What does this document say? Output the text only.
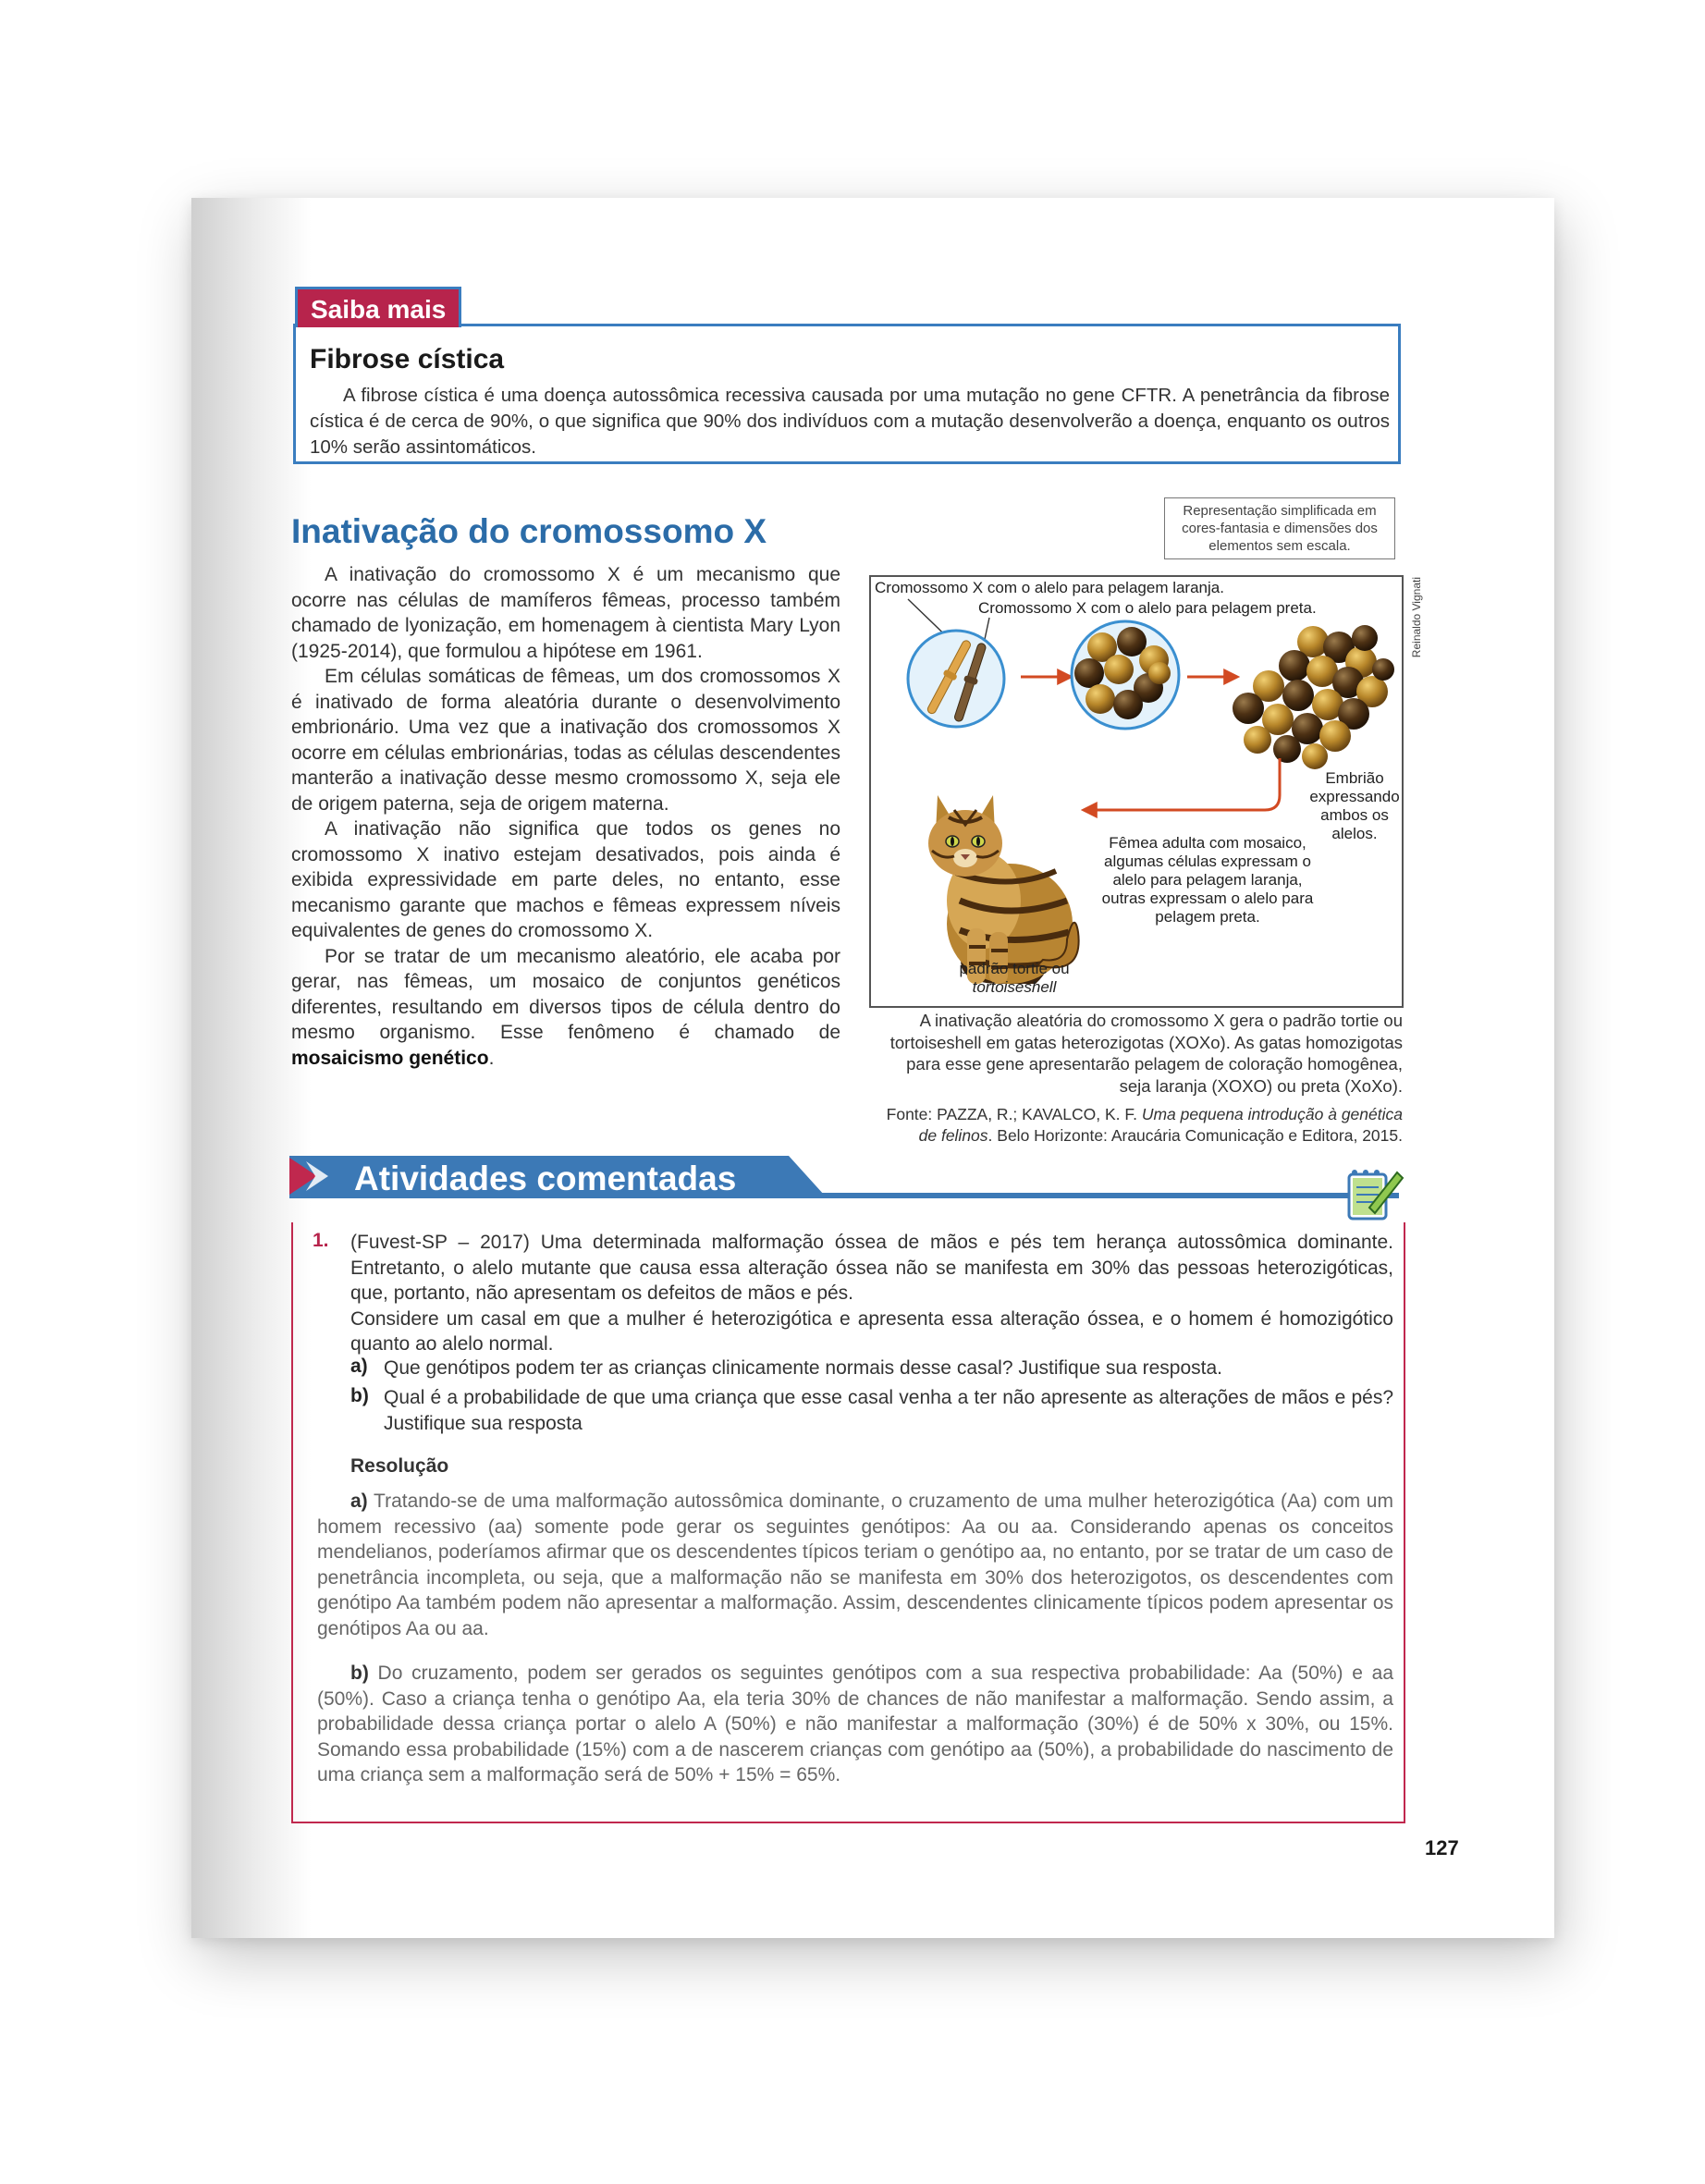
Saiba mais
Fibrose cística
A fibrose cística é uma doença autossômica recessiva causada por uma mutação no gene CFTR. A penetrância da fibrose cística é de cerca de 90%, o que significa que 90% dos indivíduos com a mutação desenvolverão a doença, enquanto os outros 10% serão assintomáticos.
Inativação do cromossomo X
Representação simplificada em cores-fantasia e dimensões dos elementos sem escala.

A inativação do cromossomo X é um mecanismo que ocorre nas células de mamíferos fêmeas, processo também chamado de lyonização, em homenagem à cientista Mary Lyon (1925-2014), que formulou a hipótese em 1961.

Em células somáticas de fêmeas, um dos cromossomos X é inativado de forma aleatória durante o desenvolvimento embrionário. Uma vez que a inativação dos cromossomos X ocorre em células embrionárias, todas as células descendentes manterão a inativação desse mesmo cromossomo X, seja ele de origem paterna, seja de origem materna.

A inativação não significa que todos os genes no cromossomo X inativo estejam desativados, pois ainda é exibida expressividade em parte deles, no entanto, esse mecanismo garante que machos e fêmeas expressem níveis equivalentes de genes do cromossomo X.

Por se tratar de um mecanismo aleatório, ele acaba por gerar, nas fêmeas, um mosaico de conjuntos genéticos diferentes, resultando em diversos tipos de célula dentro do mesmo organismo. Esse fenômeno é chamado de mosaicismo genético.

Reinaldo Vignati
Cromossomo X com o alelo para pelagem laranja.
Cromossomo X com o alelo para pelagem preta.
Embrião expressando ambos os alelos.
Fêmea adulta com mosaico, algumas células expressam o alelo para pelagem laranja, outras expressam o alelo para pelagem preta.
padrão tortie ou
tortoiseshell
A inativação aleatória do cromossomo X gera o padrão tortie ou tortoiseshell em gatas heterozigotas (XOXo). As gatas homozigotas para esse gene apresentarão pelagem de coloração homogênea, seja laranja (XOXO) ou preta (XoXo).
Fonte: PAZZA, R.; KAVALCO, K. F. Uma pequena introdução à genética de felinos. Belo Horizonte: Araucária Comunicação e Editora, 2015.
Atividades comentadas
1. (Fuvest-SP – 2017) Uma determinada malformação óssea de mãos e pés tem herança autossômica dominante. Entretanto, o alelo mutante que causa essa alteração óssea não se manifesta em 30% das pessoas heterozigóticas, que, portanto, não apresentam os defeitos de mãos e pés.
Considere um casal em que a mulher é heterozigótica e apresenta essa alteração óssea, e o homem é homozigótico quanto ao alelo normal.
a) Que genótipos podem ter as crianças clinicamente normais desse casal? Justifique sua resposta.
b) Qual é a probabilidade de que uma criança que esse casal venha a ter não apresente as alterações de mãos e pés? Justifique sua resposta
Resolução
a) Tratando-se de uma malformação autossômica dominante, o cruzamento de uma mulher heterozigótica (Aa) com um homem recessivo (aa) somente pode gerar os seguintes genótipos: Aa ou aa. Considerando apenas os conceitos mendelianos, poderíamos afirmar que os descendentes típicos teriam o genótipo aa, no entanto, por se tratar de um caso de penetrância incompleta, ou seja, que a malformação não se manifesta em 30% dos heterozigotos, os descendentes com genótipo Aa também podem não apresentar a malformação. Assim, descendentes clinicamente típicos podem apresentar os genótipos Aa ou aa.
b) Do cruzamento, podem ser gerados os seguintes genótipos com a sua respectiva probabilidade: Aa (50%) e aa (50%). Caso a criança tenha o genótipo Aa, ela teria 30% de chances de não manifestar a malformação. Sendo assim, a probabilidade dessa criança portar o alelo A (50%) e não manifestar a malformação (30%) é de 50% x 30%, ou 15%. Somando essa probabilidade (15%) com a de nascerem crianças com genótipo aa (50%), a probabilidade do nascimento de uma criança sem a malformação será de 50% + 15% = 65%.
127
